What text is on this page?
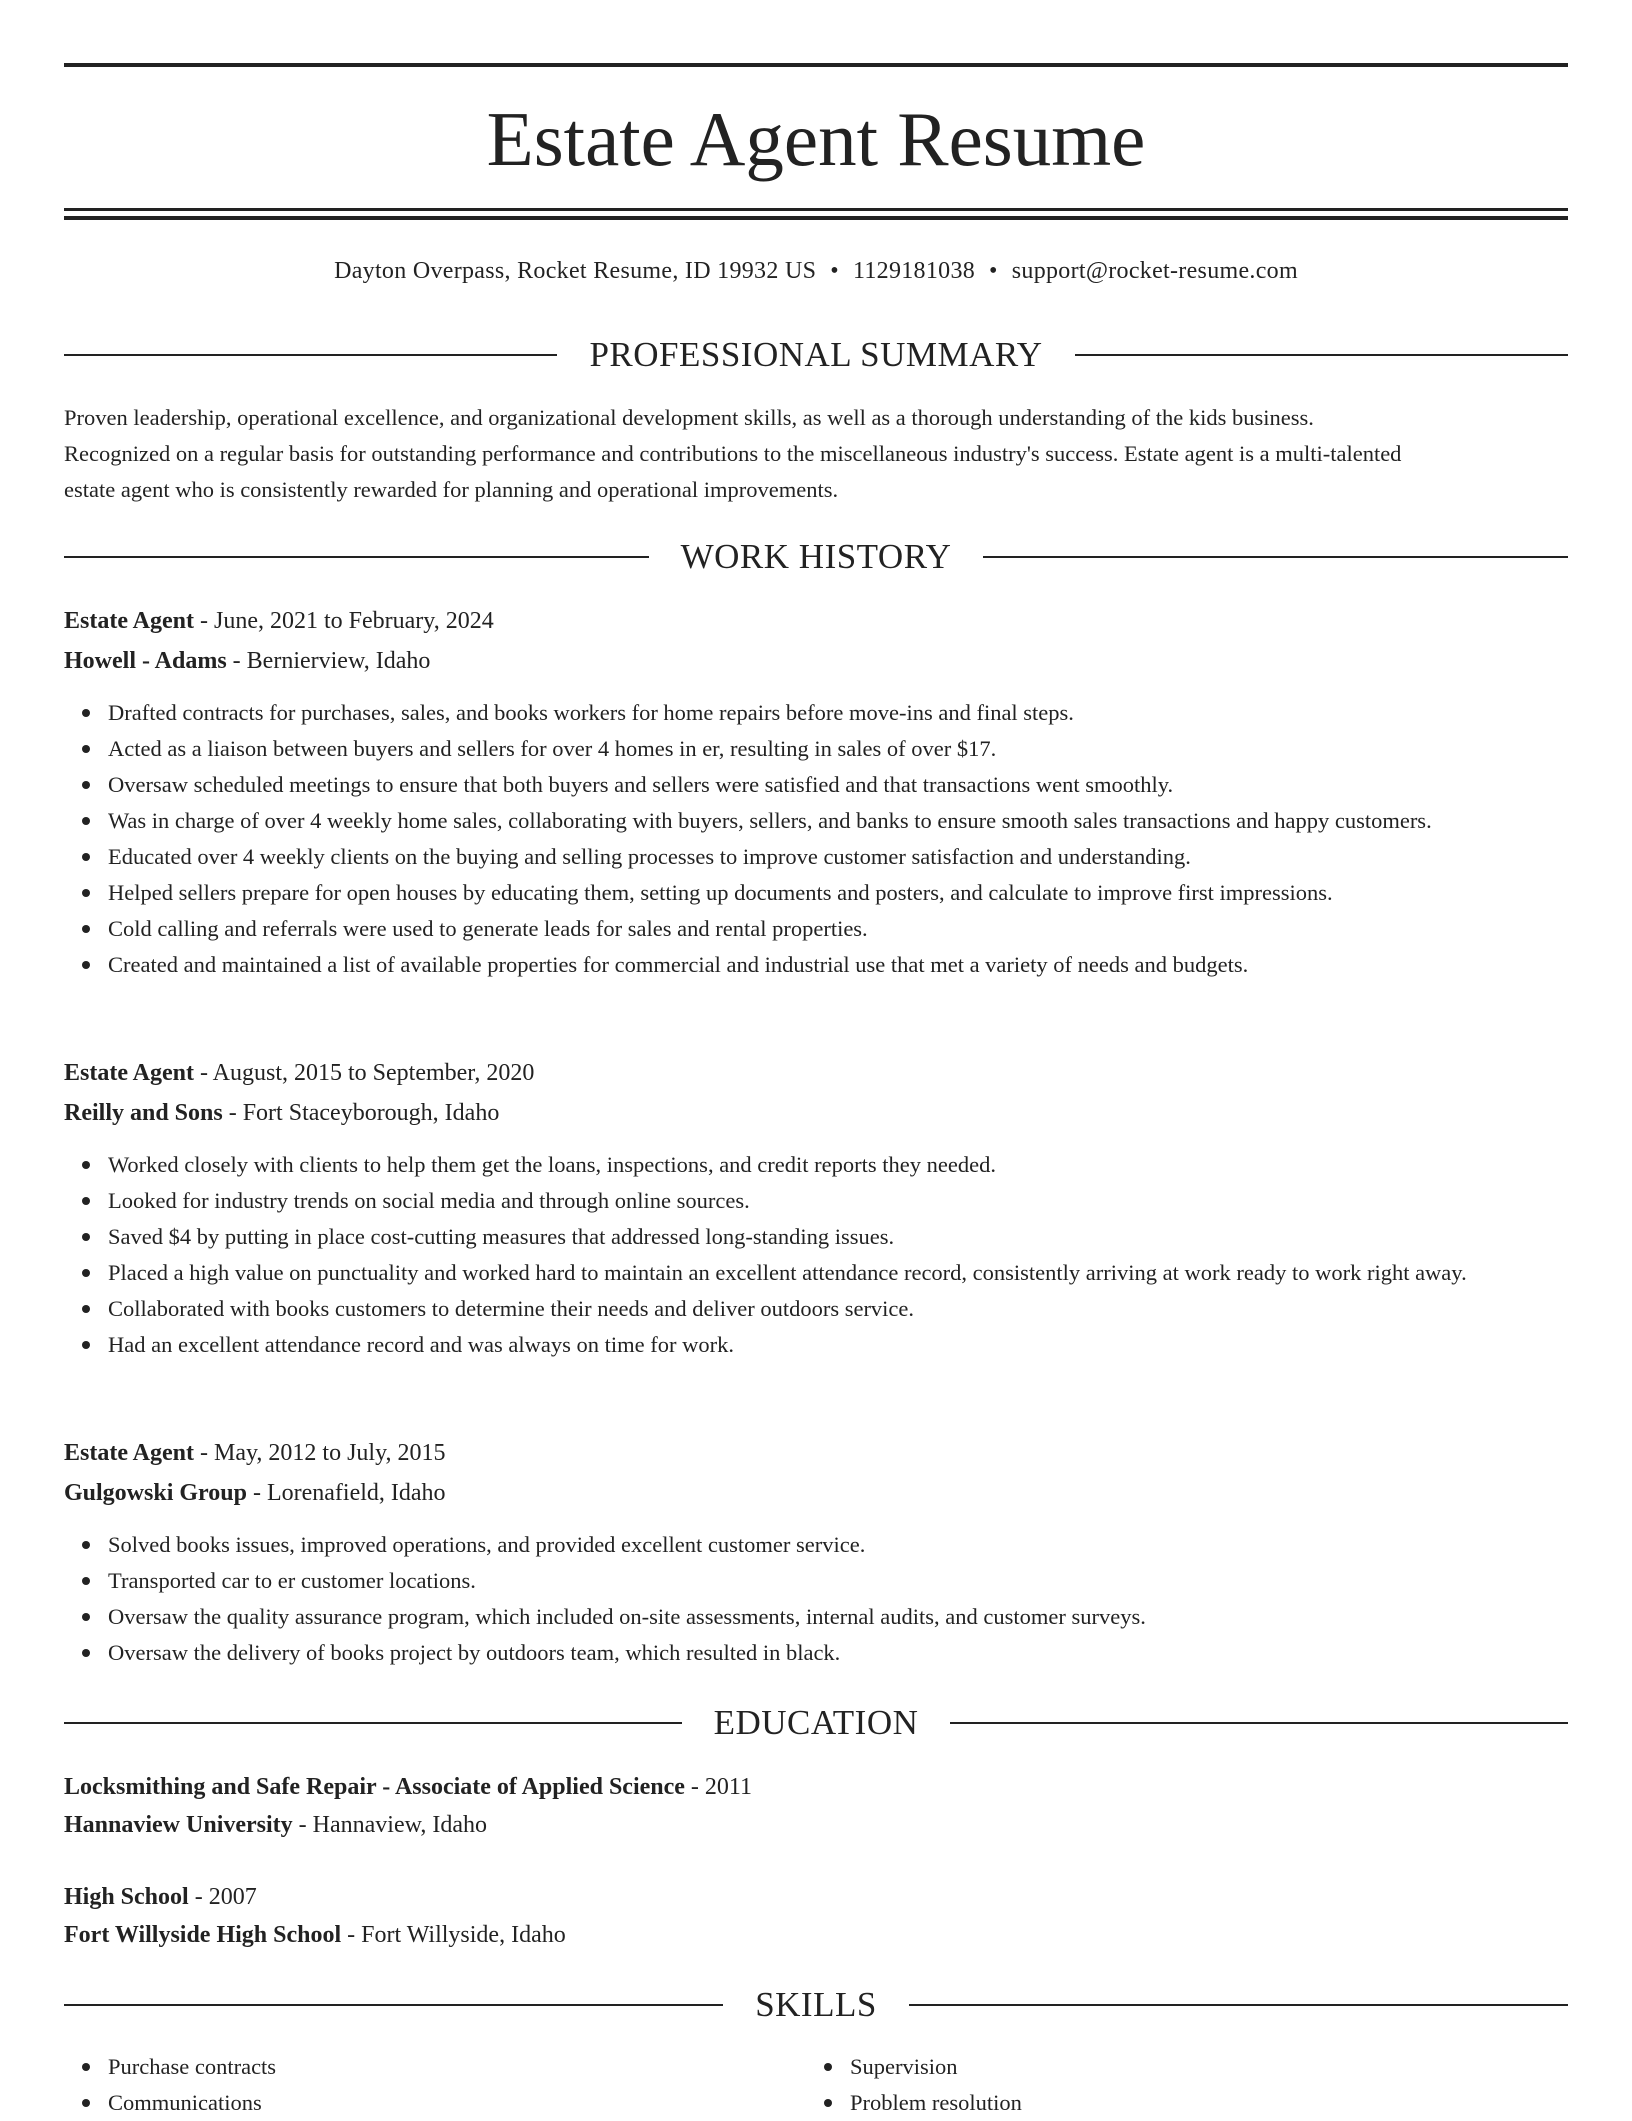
Estate Agent Resume
Dayton Overpass, Rocket Resume, ID 19932 US • 1129181038 • support@rocket-resume.com
PROFESSIONAL SUMMARY
Proven leadership, operational excellence, and organizational development skills, as well as a thorough understanding of the kids business.
Recognized on a regular basis for outstanding performance and contributions to the miscellaneous industry's success. Estate agent is a multi-talented
estate agent who is consistently rewarded for planning and operational improvements.
WORK HISTORY
Estate Agent - June, 2021 to February, 2024
Howell - Adams - Bernierview, Idaho
Drafted contracts for purchases, sales, and books workers for home repairs before move-ins and final steps.
Acted as a liaison between buyers and sellers for over 4 homes in er, resulting in sales of over $17.
Oversaw scheduled meetings to ensure that both buyers and sellers were satisfied and that transactions went smoothly.
Was in charge of over 4 weekly home sales, collaborating with buyers, sellers, and banks to ensure smooth sales transactions and happy customers.
Educated over 4 weekly clients on the buying and selling processes to improve customer satisfaction and understanding.
Helped sellers prepare for open houses by educating them, setting up documents and posters, and calculate to improve first impressions.
Cold calling and referrals were used to generate leads for sales and rental properties.
Created and maintained a list of available properties for commercial and industrial use that met a variety of needs and budgets.
Estate Agent - August, 2015 to September, 2020
Reilly and Sons - Fort Staceyborough, Idaho
Worked closely with clients to help them get the loans, inspections, and credit reports they needed.
Looked for industry trends on social media and through online sources.
Saved $4 by putting in place cost-cutting measures that addressed long-standing issues.
Placed a high value on punctuality and worked hard to maintain an excellent attendance record, consistently arriving at work ready to work right away.
Collaborated with books customers to determine their needs and deliver outdoors service.
Had an excellent attendance record and was always on time for work.
Estate Agent - May, 2012 to July, 2015
Gulgowski Group - Lorenafield, Idaho
Solved books issues, improved operations, and provided excellent customer service.
Transported car to er customer locations.
Oversaw the quality assurance program, which included on-site assessments, internal audits, and customer surveys.
Oversaw the delivery of books project by outdoors team, which resulted in black.
EDUCATION
Locksmithing and Safe Repair - Associate of Applied Science - 2011
Hannaview University - Hannaview, Idaho
High School - 2007
Fort Willyside High School - Fort Willyside, Idaho
SKILLS
Purchase contracts
Communications
Supervision
Problem resolution
